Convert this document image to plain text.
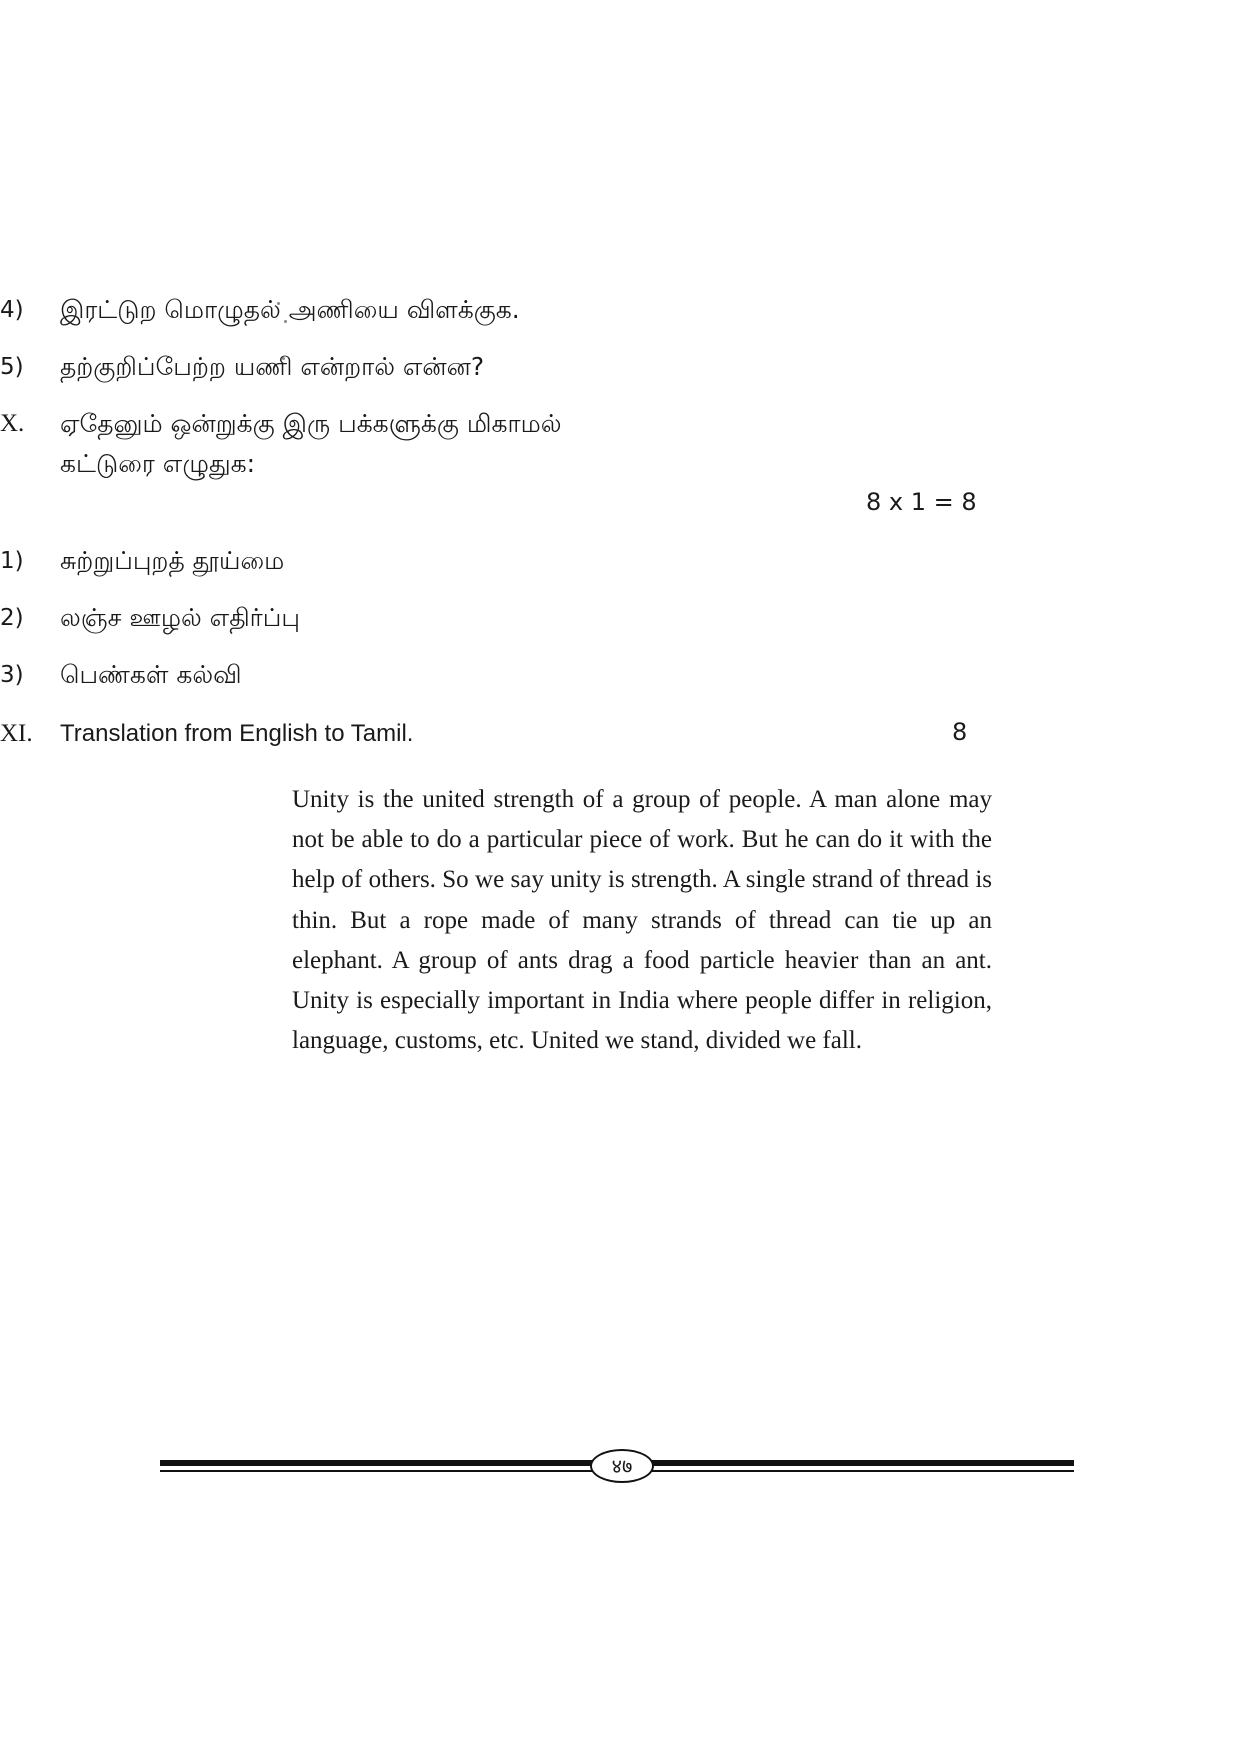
4) இரட்டுற மொழுதல் அணியை விளக்குக.
5) தற்குறிப்பேற்ற யணி என்றால் என்ன?
X. ஏதேனும் ஒன்றுக்கு இரு பக்களுக்கு மிகாமல்
கட்டுரை எழுதுக:
8 x 1 = 8
1) சுற்றுப்புறத் தூய்மை
2) லஞ்ச ஊழல் எதிர்ப்பு
3) பெண்கள் கல்வி
XI. Translation from English to Tamil.	8

Unity is the united strength of a group of people. A man alone may not be able to do a particular piece of work. But he can do it with the help of others. So we say unity is strength. A single strand of thread is thin. But a rope made of many strands of thread can tie up an elephant. A group of ants drag a food particle heavier than an ant. Unity is especially important in India where people differ in religion, language, customs, etc. United we stand, divided we fall.

४७
